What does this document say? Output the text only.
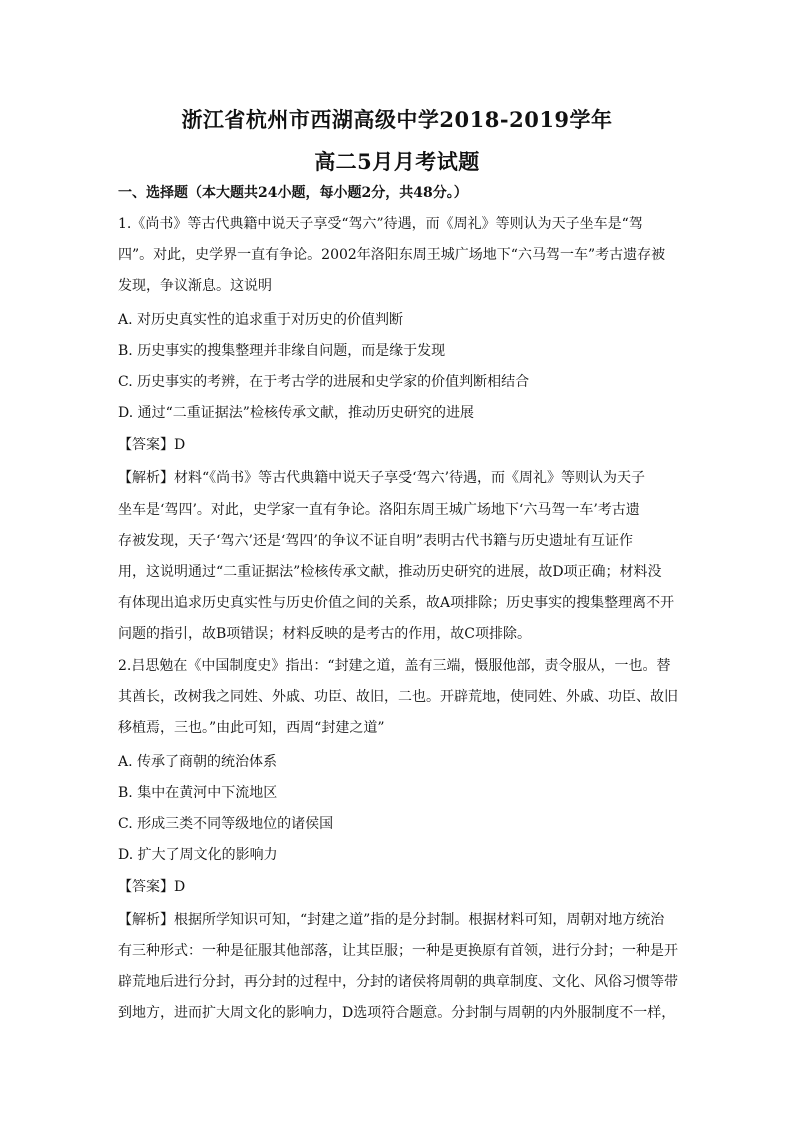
浙江省杭州市西湖高级中学2018-2019学年
高二5月月考试题
一、选择题（本大题共24小题，每小题2分，共48分。）
1.《尚书》等古代典籍中说天子享受“驾六”待遇，而《周礼》等则认为天子坐车是“驾
四”。对此，史学界一直有争论。2002年洛阳东周王城广场地下“六马驾一车”考古遗存被
发现，争议渐息。这说明
A. 对历史真实性的追求重于对历史的价值判断
B. 历史事实的搜集整理并非缘自问题，而是缘于发现
C. 历史事实的考辨，在于考古学的进展和史学家的价值判断相结合
D. 通过“二重证据法”检核传承文献，推动历史研究的进展
【答案】D
【解析】材料“《尚书》等古代典籍中说天子享受‘驾六’待遇，而《周礼》等则认为天子
坐车是‘驾四’。对此，史学家一直有争论。洛阳东周王城广场地下‘六马驾一车’考古遗
存被发现，天子‘驾六’还是‘驾四’的争议不证自明”表明古代书籍与历史遗址有互证作
用，这说明通过“二重证据法”检核传承文献，推动历史研究的进展，故D项正确；材料没
有体现出追求历史真实性与历史价值之间的关系，故A项排除；历史事实的搜集整理离不开
问题的指引，故B项错误；材料反映的是考古的作用，故C项排除。
2.吕思勉在《中国制度史》指出：“封建之道，盖有三端，慑服他部，责令服从，一也。替
其酋长，改树我之同姓、外戚、功臣、故旧，二也。开辟荒地，使同姓、外戚、功臣、故旧
移植焉，三也。”由此可知，西周“封建之道”
A. 传承了商朝的统治体系
B. 集中在黄河中下流地区
C. 形成三类不同等级地位的诸侯国
D. 扩大了周文化的影响力
【答案】D
【解析】根据所学知识可知，“封建之道”指的是分封制。根据材料可知，周朝对地方统治
有三种形式：一种是征服其他部落，让其臣服；一种是更换原有首领，进行分封；一种是开
辟荒地后进行分封，再分封的过程中，分封的诸侯将周朝的典章制度、文化、风俗习惯等带
到地方，进而扩大周文化的影响力，D选项符合题意。分封制与周朝的内外服制度不一样，
